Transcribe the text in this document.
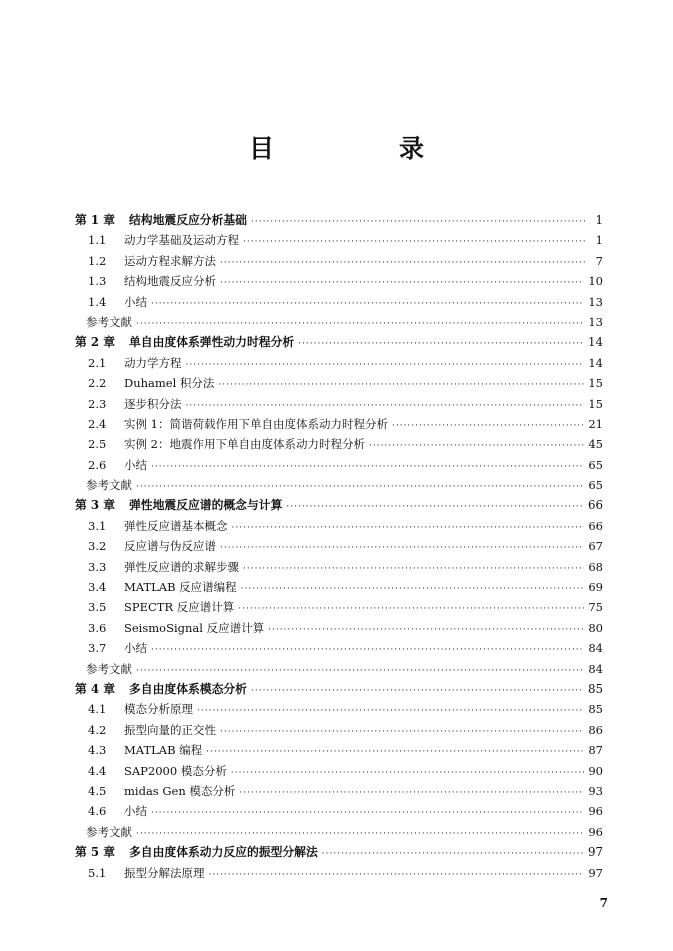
目　录
第 1 章	结构地震反应分析基础 ·····	1
1.1	动力学基础及运动方程 ·····	1
1.2	运动方程求解方法 ·····	7
1.3	结构地震反应分析 ·····	10
1.4	小结 ·····	13
参考文献 ·····	13
第 2 章	单自由度体系弹性动力时程分析 ·····	14
2.1	动力学方程 ·····	14
2.2	Duhamel 积分法 ·····	15
2.3	逐步积分法 ·····	15
2.4	实例 1：简谐荷载作用下单自由度体系动力时程分析 ·····	21
2.5	实例 2：地震作用下单自由度体系动力时程分析 ·····	45
2.6	小结 ·····	65
参考文献 ·····	65
第 3 章	弹性地震反应谱的概念与计算 ·····	66
3.1	弹性反应谱基本概念 ·····	66
3.2	反应谱与伪反应谱 ·····	67
3.3	弹性反应谱的求解步骤 ·····	68
3.4	MATLAB 反应谱编程 ·····	69
3.5	SPECTR 反应谱计算 ·····	75
3.6	SeismoSignal 反应谱计算 ·····	80
3.7	小结 ·····	84
参考文献 ·····	84
第 4 章	多自由度体系模态分析 ·····	85
4.1	模态分析原理 ·····	85
4.2	振型向量的正交性 ·····	86
4.3	MATLAB 编程 ·····	87
4.4	SAP2000 模态分析 ·····	90
4.5	midas Gen 模态分析 ·····	93
4.6	小结 ·····	96
参考文献 ·····	96
第 5 章	多自由度体系动力反应的振型分解法 ·····	97
5.1	振型分解法原理 ·····	97
7
